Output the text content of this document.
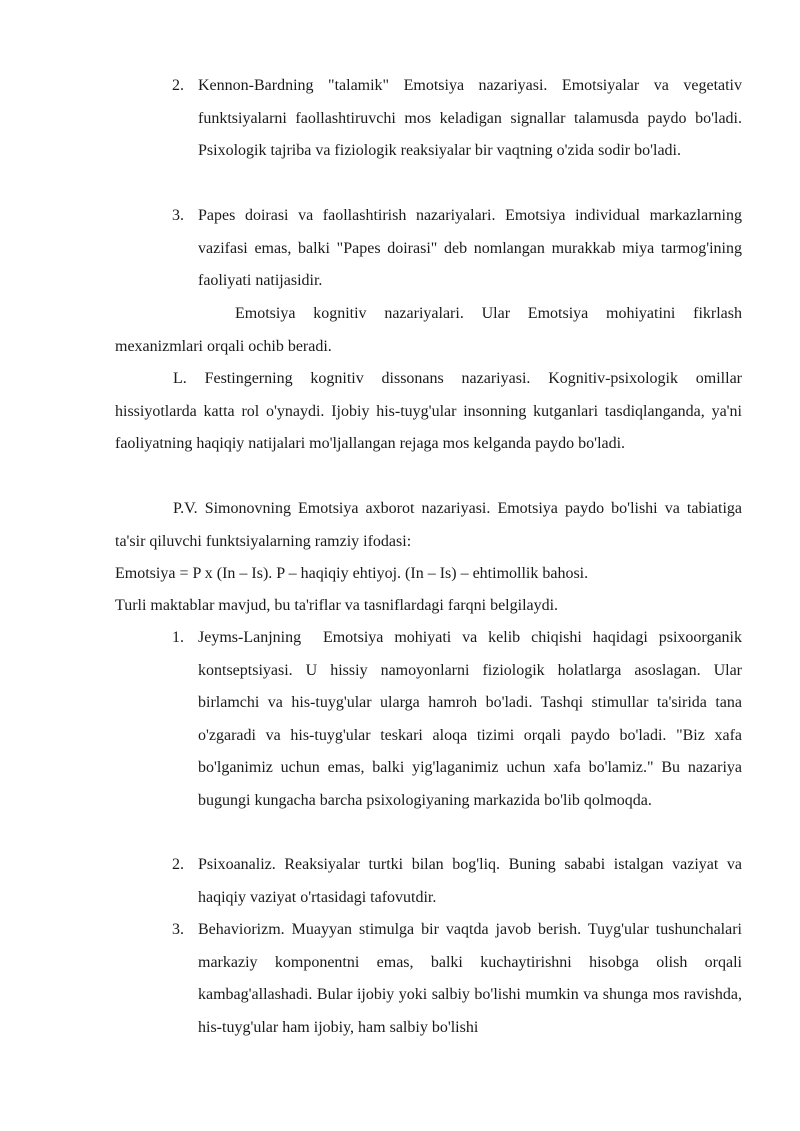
2. Kennon-Bardning "talamik" Emotsiya nazariyasi. Emotsiyalar va vegetativ funktsiyalarni faollashtiruvchi mos keladigan signallar talamusda paydo bo'ladi. Psixologik tajriba va fiziologik reaksiyalar bir vaqtning o'zida sodir bo'ladi.
3. Papes doirasi va faollashtirish nazariyalari. Emotsiya individual markazlarning vazifasi emas, balki "Papes doirasi" deb nomlangan murakkab miya tarmog'ining faoliyati natijasidir.
Emotsiya kognitiv nazariyalari. Ular Emotsiya mohiyatini fikrlash mexanizmlari orqali ochib beradi.
L. Festingerning kognitiv dissonans nazariyasi. Kognitiv-psixologik omillar hissiyotlarda katta rol o'ynaydi. Ijobiy his-tuyg'ular insonning kutganlari tasdiqlanganda, ya'ni faoliyatning haqiqiy natijalari mo'ljallangan rejaga mos kelganda paydo bo'ladi.
P.V. Simonovning Emotsiya axborot nazariyasi. Emotsiya paydo bo'lishi va tabiatiga ta'sir qiluvchi funktsiyalarning ramziy ifodasi:
Emotsiya = P x (In – Is). P – haqiqiy ehtiyoj. (In – Is) – ehtimollik bahosi.
Turli maktablar mavjud, bu ta'riflar va tasniflardagi farqni belgilaydi.
1. Jeyms-Lanjning  Emotsiya mohiyati va kelib chiqishi haqidagi psixoorganik kontseptsiyasi. U hissiy namoyonlarni fiziologik holatlarga asoslagan. Ular birlamchi va his-tuyg'ular ularga hamroh bo'ladi. Tashqi stimullar ta'sirida tana o'zgaradi va his-tuyg'ular teskari aloqa tizimi orqali paydo bo'ladi. "Biz xafa bo'lganimiz uchun emas, balki yig'laganimiz uchun xafa bo'lamiz." Bu nazariya bugungi kungacha barcha psixologiyaning markazida bo'lib qolmoqda.
2. Psixoanaliz. Reaksiyalar turtki bilan bog'liq. Buning sababi istalgan vaziyat va haqiqiy vaziyat o'rtasidagi tafovutdir.
3. Behaviorizm. Muayyan stimulga bir vaqtda javob berish. Tuyg'ular tushunchalari markaziy komponentni emas, balki kuchaytirishni hisobga olish orqali kambag'allashadi. Bular ijobiy yoki salbiy bo'lishi mumkin va shunga mos ravishda, his-tuyg'ular ham ijobiy, ham salbiy bo'lishi
